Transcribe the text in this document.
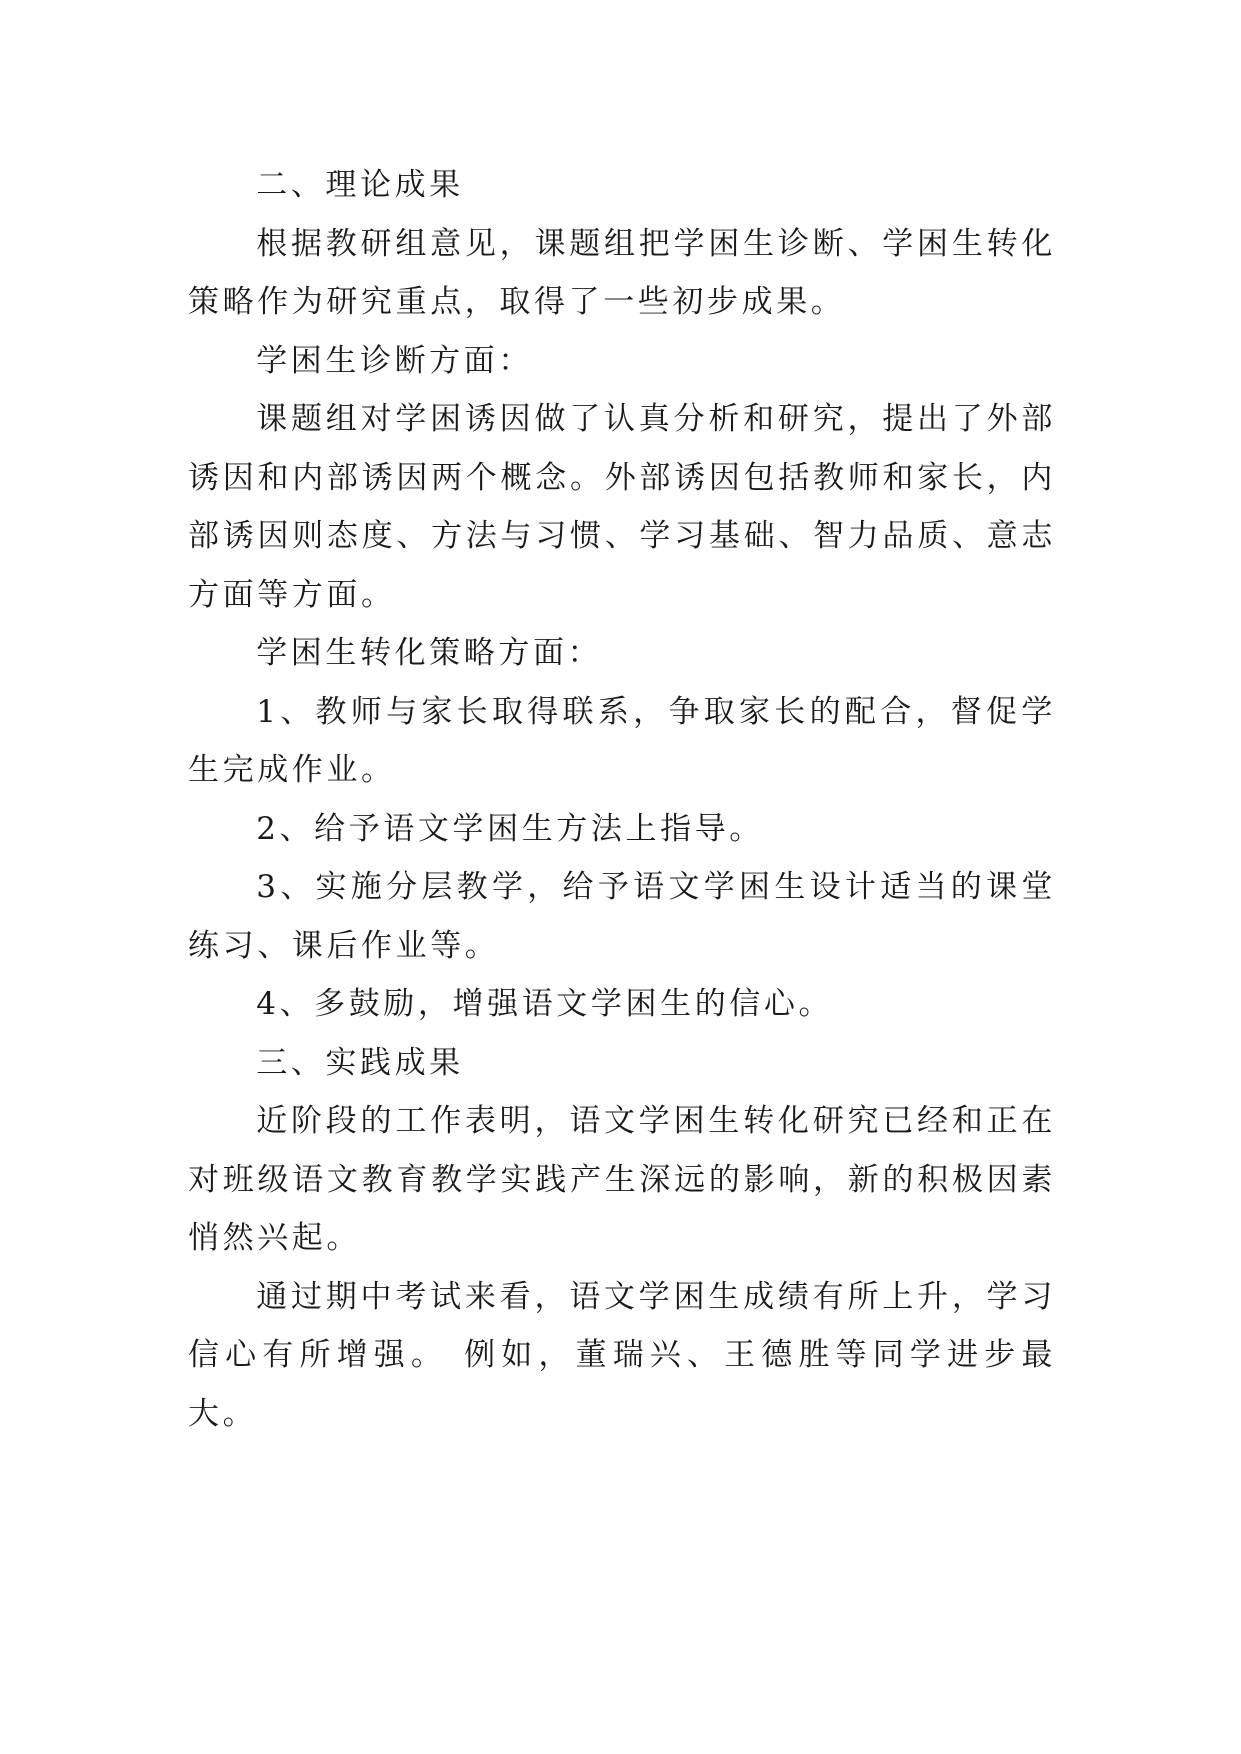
二、理论成果

根据教研组意见，课题组把学困生诊断、学困生转化策略作为研究重点，取得了一些初步成果。

学困生诊断方面：

课题组对学困诱因做了认真分析和研究，提出了外部诱因和内部诱因两个概念。外部诱因包括教师和家长，内部诱因则态度、方法与习惯、学习基础、智力品质、意志方面等方面。

学困生转化策略方面：

1、教师与家长取得联系，争取家长的配合，督促学生完成作业。

2、给予语文学困生方法上指导。

3、实施分层教学，给予语文学困生设计适当的课堂练习、课后作业等。

4、多鼓励，增强语文学困生的信心。

三、实践成果

近阶段的工作表明，语文学困生转化研究已经和正在对班级语文教育教学实践产生深远的影响，新的积极因素悄然兴起。

通过期中考试来看，语文学困生成绩有所上升，学习信心有所增强。 例如，董瑞兴、王德胜等同学进步最大。
